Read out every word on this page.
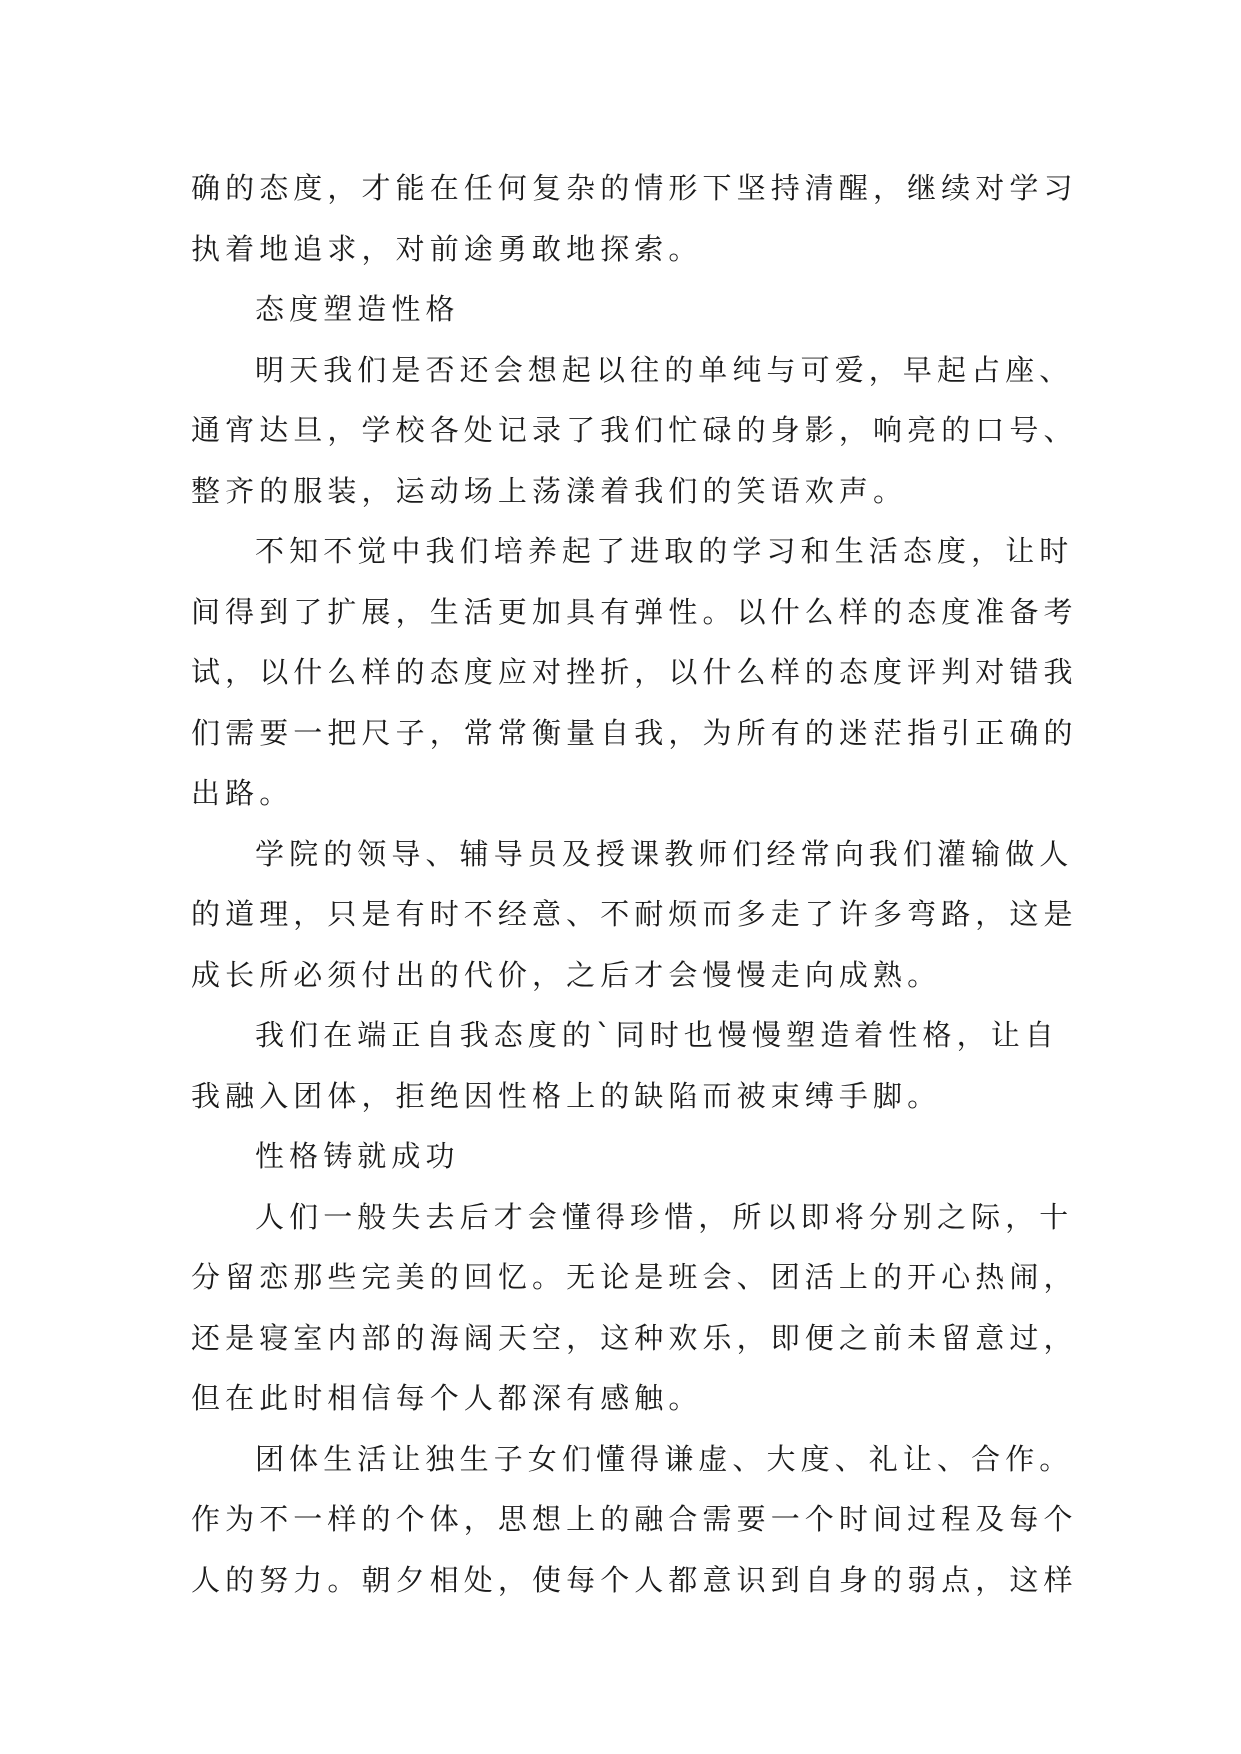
确的态度，才能在任何复杂的情形下坚持清醒，继续对学习
执着地追求，对前途勇敢地探索。
态度塑造性格
明天我们是否还会想起以往的单纯与可爱，早起占座、
通宵达旦，学校各处记录了我们忙碌的身影，响亮的口号、
整齐的服装，运动场上荡漾着我们的笑语欢声。
不知不觉中我们培养起了进取的学习和生活态度，让时
间得到了扩展，生活更加具有弹性。以什么样的态度准备考
试，以什么样的态度应对挫折，以什么样的态度评判对错我
们需要一把尺子，常常衡量自我，为所有的迷茫指引正确的
出路。
学院的领导、辅导员及授课教师们经常向我们灌输做人
的道理，只是有时不经意、不耐烦而多走了许多弯路，这是
成长所必须付出的代价，之后才会慢慢走向成熟。
我们在端正自我态度的`同时也慢慢塑造着性格，让自
我融入团体，拒绝因性格上的缺陷而被束缚手脚。
性格铸就成功
人们一般失去后才会懂得珍惜，所以即将分别之际，十
分留恋那些完美的回忆。无论是班会、团活上的开心热闹，
还是寝室内部的海阔天空，这种欢乐，即便之前未留意过，
但在此时相信每个人都深有感触。
团体生活让独生子女们懂得谦虚、大度、礼让、合作。
作为不一样的个体，思想上的融合需要一个时间过程及每个
人的努力。朝夕相处，使每个人都意识到自身的弱点，这样
